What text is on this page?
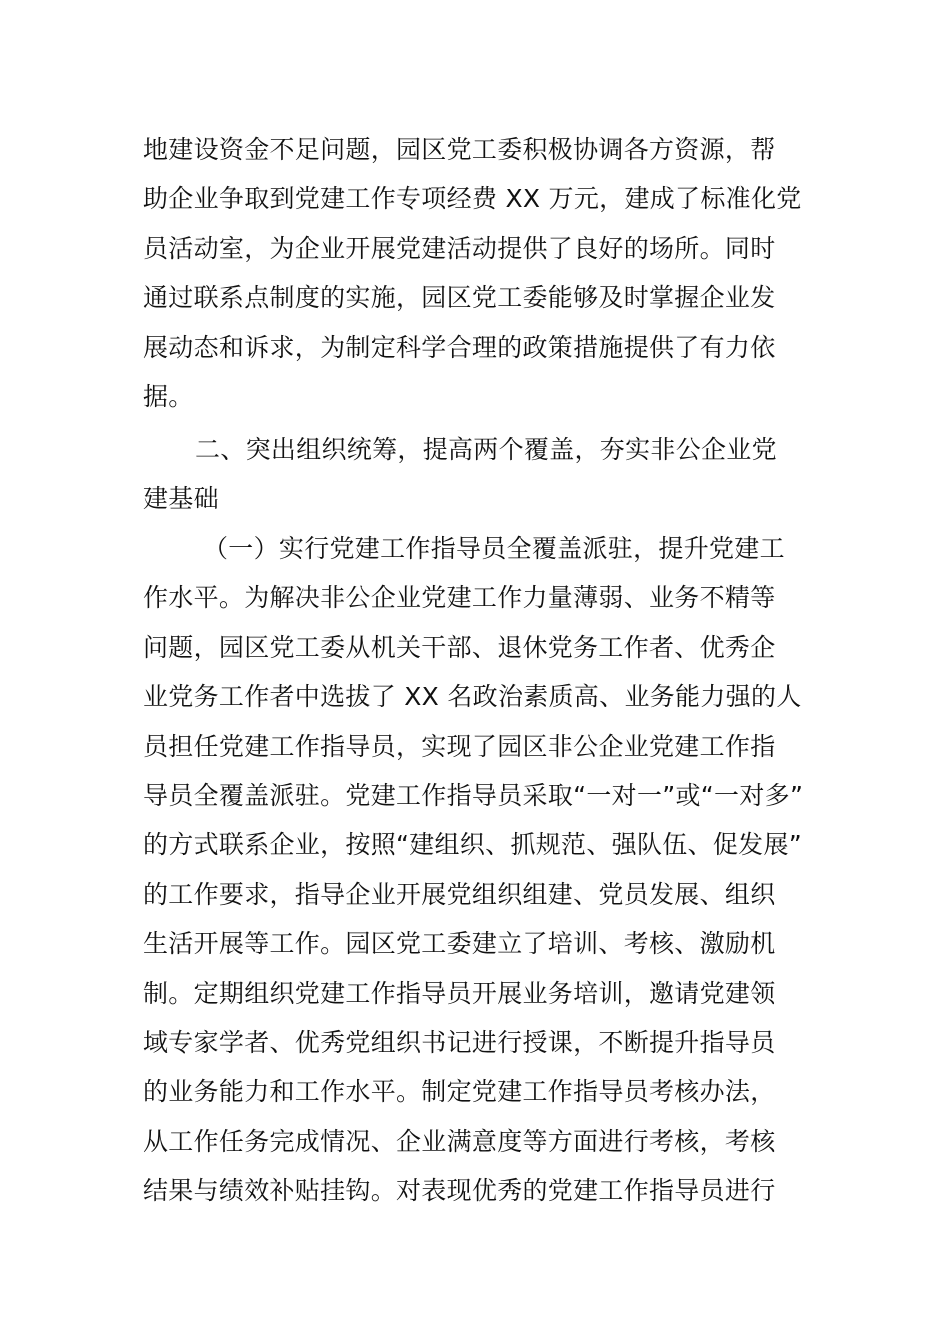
地建设资金不足问题，园区党工委积极协调各方资源，帮
助企业争取到党建工作专项经费 XX 万元，建成了标准化党
员活动室，为企业开展党建活动提供了良好的场所。同时
通过联系点制度的实施，园区党工委能够及时掌握企业发
展动态和诉求，为制定科学合理的政策措施提供了有力依
据。
二、突出组织统筹，提高两个覆盖，夯实非公企业党
建基础
（一）实行党建工作指导员全覆盖派驻，提升党建工
作水平。为解决非公企业党建工作力量薄弱、业务不精等
问题，园区党工委从机关干部、退休党务工作者、优秀企
业党务工作者中选拔了 XX 名政治素质高、业务能力强的人
员担任党建工作指导员，实现了园区非公企业党建工作指
导员全覆盖派驻。党建工作指导员采取“一对一”或“一对多”
的方式联系企业，按照“建组织、抓规范、强队伍、促发展”
的工作要求，指导企业开展党组织组建、党员发展、组织
生活开展等工作。园区党工委建立了培训、考核、激励机
制。定期组织党建工作指导员开展业务培训，邀请党建领
域专家学者、优秀党组织书记进行授课，不断提升指导员
的业务能力和工作水平。制定党建工作指导员考核办法，
从工作任务完成情况、企业满意度等方面进行考核，考核
结果与绩效补贴挂钩。对表现优秀的党建工作指导员进行
